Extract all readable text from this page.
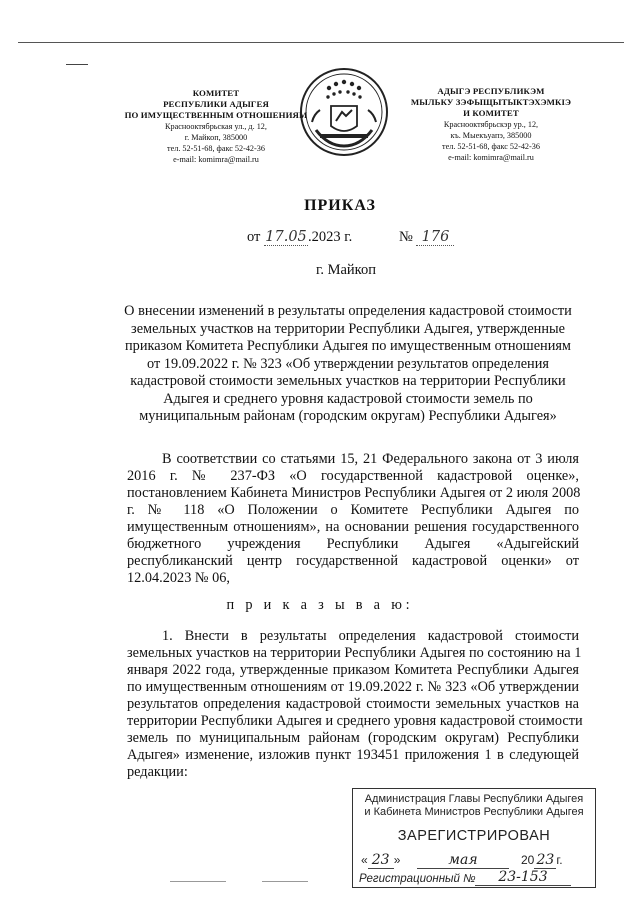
КОМИТЕТ
РЕСПУБЛИКИ АДЫГЕЯ
ПО ИМУЩЕСТВЕННЫМ ОТНОШЕНИЯМ
Краснооктябрьская ул., д. 12,
г. Майкоп, 385000
тел. 52-51-68, факс 52-42-36
e-mail: komimra@mail.ru
АДЫГЭ РЕСПУБЛИКЭМ
МЫЛЬКУ ЗЭФЫЩЫТЫКТЭХЭМКIЭ
И КОМИТЕТ
Краснооктябрьскэр ур., 12,
къ. Мыекъуапэ, 385000
тел. 52-51-68, факс 52-42-36
e-mail: komimra@mail.ru
ПРИКАЗ
от 17.05.2023 г.	№ 176
г. Майкоп
О внесении изменений в результаты определения кадастровой стоимости земельных участков на территории Республики Адыгея, утвержденные приказом Комитета Республики Адыгея по имущественным отношениям от 19.09.2022 г. № 323 «Об утверждении результатов определения кадастровой стоимости земельных участков на территории Республики Адыгея и среднего уровня кадастровой стоимости земель по муниципальным районам (городским округам) Республики Адыгея»
В соответствии со статьями 15, 21 Федерального закона от 3 июля
2016 г. № 237-ФЗ «О государственной кадастровой оценке»,
постановлением Кабинета Министров Республики Адыгея от 2 июля 2008
г. № 118 «О Положении о Комитете Республики Адыгея по
имущественным отношениям», на основании решения государственного
бюджетного учреждения Республики Адыгея «Адыгейский
республиканский центр государственной кадастровой оценки» от
12.04.2023 № 06,
п р и к а з ы в а ю:
1. Внести в результаты определения кадастровой стоимости
земельных участков на территории Республики Адыгея по состоянию на 1
января 2022 года, утвержденные приказом Комитета Республики Адыгея
по имущественным отношениям от 19.09.2022 г. № 323 «Об утверждении
результатов определения кадастровой стоимости земельных участков на
территории Республики Адыгея и среднего уровня кадастровой стоимости
земель по муниципальным районам (городским округам) Республики
Адыгея» изменение, изложив пункт 193451 приложения 1 в следующей
редакции:
Администрация Главы Республики Адыгея
и Кабинета Министров Республики Адыгея
ЗАРЕГИСТРИРОВАН
« 23 »	мая	20 23 г.
Регистрационный №	23-153
